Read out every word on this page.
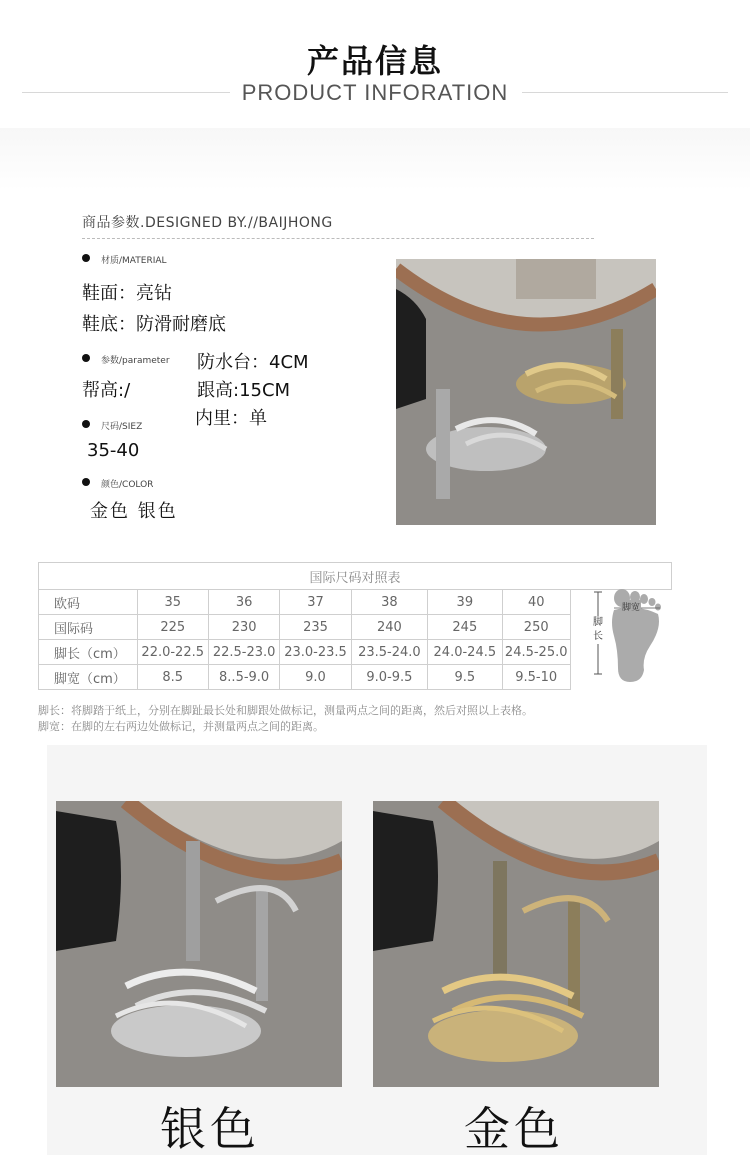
产品信息
PRODUCT INFORATION
商品参数.DESIGNED BY.//BAIJHONG
材质/MATERIAL
鞋面：亮钻
鞋底：防滑耐磨底
参数/parameter 防水台：4CM
帮高:/	跟高:15CM
内里：单
尺码/SIEZ
35-40
颜色/COLOR
金色 银色
国际尺码对照表							
欧码	35	36	37	38	39	40	
国际码	225	230	235	240	245	250	
脚长（cm）	22.0-22.5	22.5-23.0	23.0-23.5	23.5-24.0	24.0-24.5	24.5-25.0	
脚宽（cm）	8.5	8..5-9.0	9.0	9.0-9.5	9.5	9.5-10	
脚宽
脚长
脚长：将脚踏于纸上，分别在脚趾最长处和脚跟处做标记，测量两点之间的距离，然后对照以上表格。
脚宽：在脚的左右两边处做标记，并测量两点之间的距离。
银色	金色
